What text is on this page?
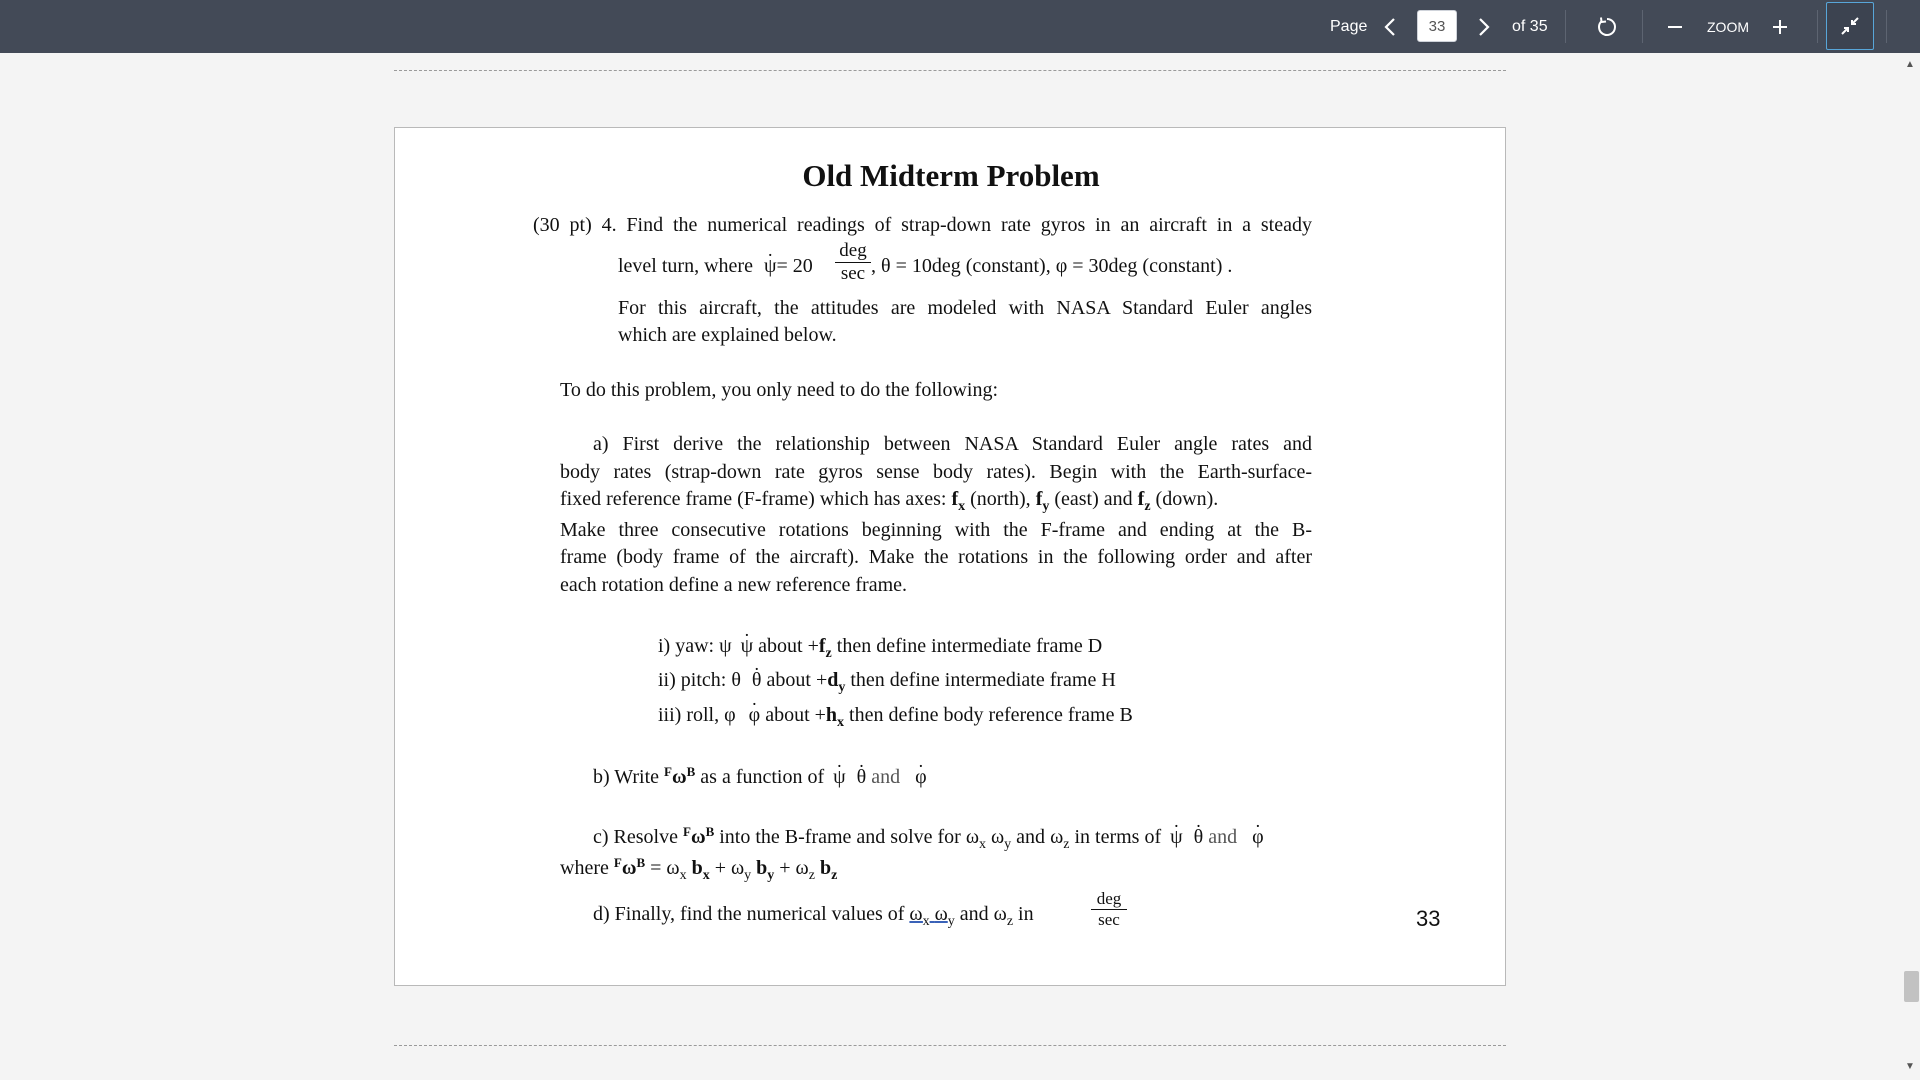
Page
33	of 35	ZOOM
Old Midterm Problem
(30 pt) 4. Find the numerical readings of strap-down rate gyros in an aircraft in a steady
level turn, where . ψ= 20
deg
sec , θ = 10deg (constant), φ = 30deg (constant) .
For this aircraft, the attitudes are modeled with NASA Standard Euler angles
which are explained below.
To do this problem, you only need to do the following:
a) First derive the relationship between NASA Standard Euler angle rates and
body rates (strap-down rate gyros sense body rates). Begin with the Earth-surface-
fixed reference frame (F-frame) which has axes: $f_x$ (north), $f_y$ (east) and $f_z$ (down).
Make three consecutive rotations beginning with the F-frame and ending at the B-
frame (body frame of the aircraft). Make the rotations in the following order and after
each rotation define a new reference frame.
i) yaw: ψ . ψ about $+f_z$ then define intermediate frame D
ii) pitch: θ . θ about $+d_y$ then define intermediate frame H
iii) roll, φ . φ about $+h_x$ then define body reference frame B
b) Write $^F\omega^B$ as a function of . ψ . θ and . φ
c) Resolve $^F\omega^B$ into the B-frame and solve for $\omega_x$ $\omega_y$ and $\omega_z$ in terms of . ψ . θ and . φ
where $^F\omega^B = \omega_x$ $b_x + \omega_y$ $b_y + \omega_z$ $b_z$
d) Finally, find the numerical values of $\omega_x$ $\omega_y$ and $\omega_z$ in
deg
sec	33
▲
▼
